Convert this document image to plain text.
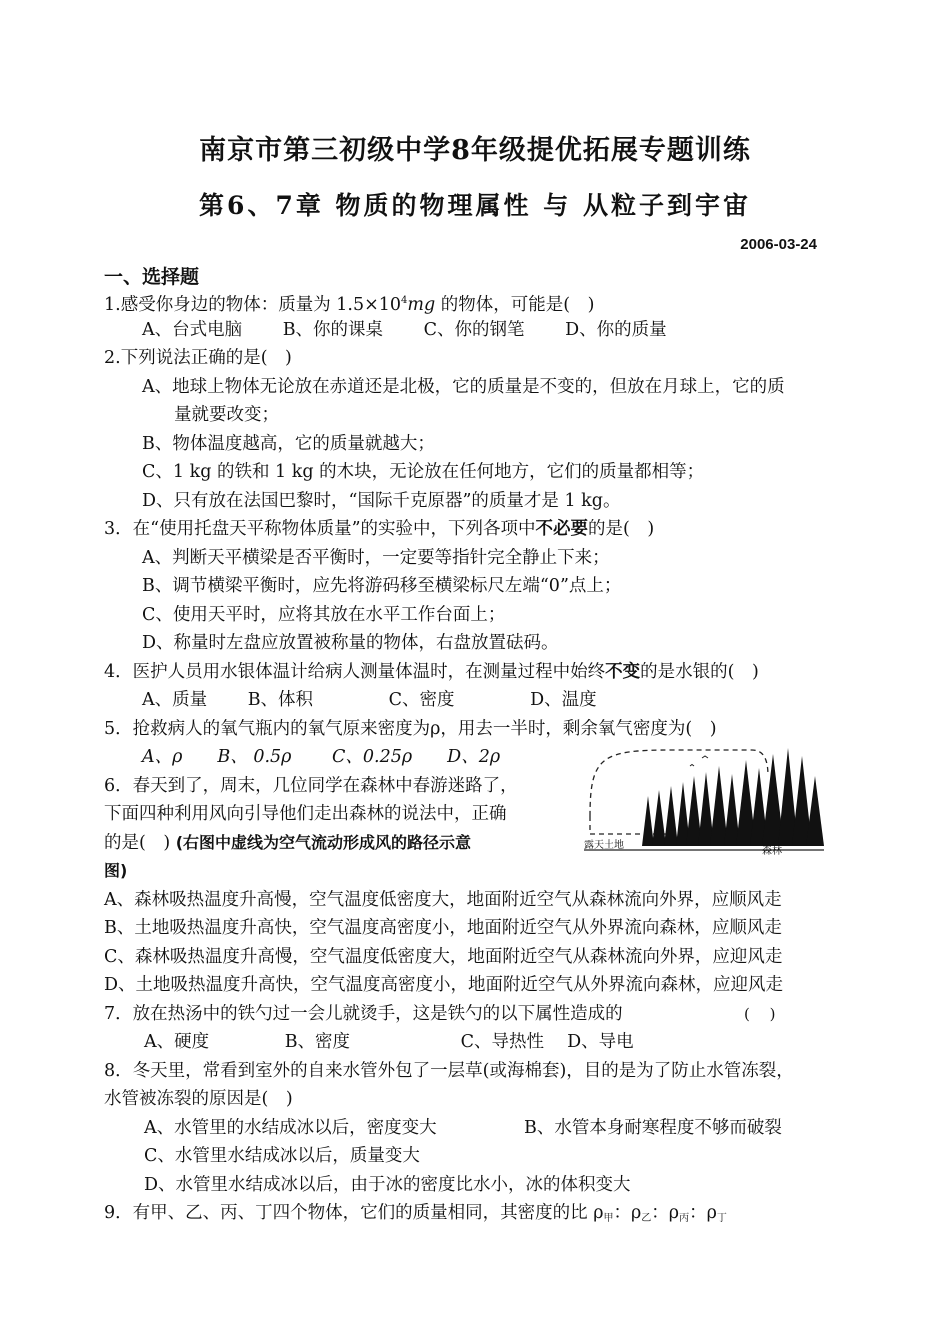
南京市第三初级中学8年级提优拓展专题训练
第6、7章 物质的物理属性 与 从粒子到宇宙
2006-03-24
一、选择题
1.感受你身边的物体：质量为 $1.5\times 10^4mg$ 的物体，可能是(　)
A、台式电脑　　 B、你的课桌　　 C、你的钢笔　　 D、你的质量
2.下列说法正确的是(　)
A、地球上物体无论放在赤道还是北极，它的质量是不变的，但放在月球上，它的质
量就要改变；
B、物体温度越高，它的质量就越大；
C、1 kg 的铁和 1 kg 的木块，无论放在任何地方，它们的质量都相等；
D、只有放在法国巴黎时，“国际千克原器”的质量才是 1 kg。
3．在“使用托盘天平称物体质量”的实验中，下列各项中不必要的是(　)
A、判断天平横梁是否平衡时，一定要等指针完全静止下来；
B、调节横梁平衡时，应先将游码移至横梁标尺左端“0”点上；
C、使用天平时，应将其放在水平工作台面上；
D、称量时左盘应放置被称量的物体，右盘放置砝码。
4．医护人员用水银体温计给病人测量体温时，在测量过程中始终不变的是水银的(　)
A、质量　　 B、体积　　　　 C、密度　　　　 D、温度
5．抢救病人的氧气瓶内的氧气原来密度为ρ，用去一半时，剩余氧气密度为(　)
A、ρ　　B、 0.5ρ　　 C、0.25ρ　　D、2ρ
6．春天到了，周末，几位同学在森林中春游迷路了，
下面四种利用风向引导他们走出森林的说法中，正确
的是(　) (右图中虚线为空气流动形成风的路径示意
图)
露天土地
森林
A、森林吸热温度升高慢，空气温度低密度大，地面附近空气从森林流向外界，应顺风走
B、土地吸热温度升高快，空气温度高密度小，地面附近空气从外界流向森林，应顺风走
C、森林吸热温度升高慢，空气温度低密度大，地面附近空气从森林流向外界，应迎风走
D、土地吸热温度升高快，空气温度高密度小，地面附近空气从外界流向森林，应迎风走
7．放在热汤中的铁勺过一会儿就烫手，这是铁勺的以下属性造成的	(　 )
A、硬度　　　　 B、密度　　　　　　 C、导热性　 D、导电
8．冬天里，常看到室外的自来水管外包了一层草(或海棉套)，目的是为了防止水管冻裂，
水管被冻裂的原因是(　)
A、水管里的水结成冰以后，密度变大	B、水管本身耐寒程度不够而破裂
C、水管里水结成冰以后，质量变大
D、水管里水结成冰以后，由于冰的密度比水小，冰的体积变大
9．有甲、乙、丙、丁四个物体，它们的质量相同，其密度的比 $\rho_甲$：$\rho_乙$：$\rho_丙$：$\rho_丁$
